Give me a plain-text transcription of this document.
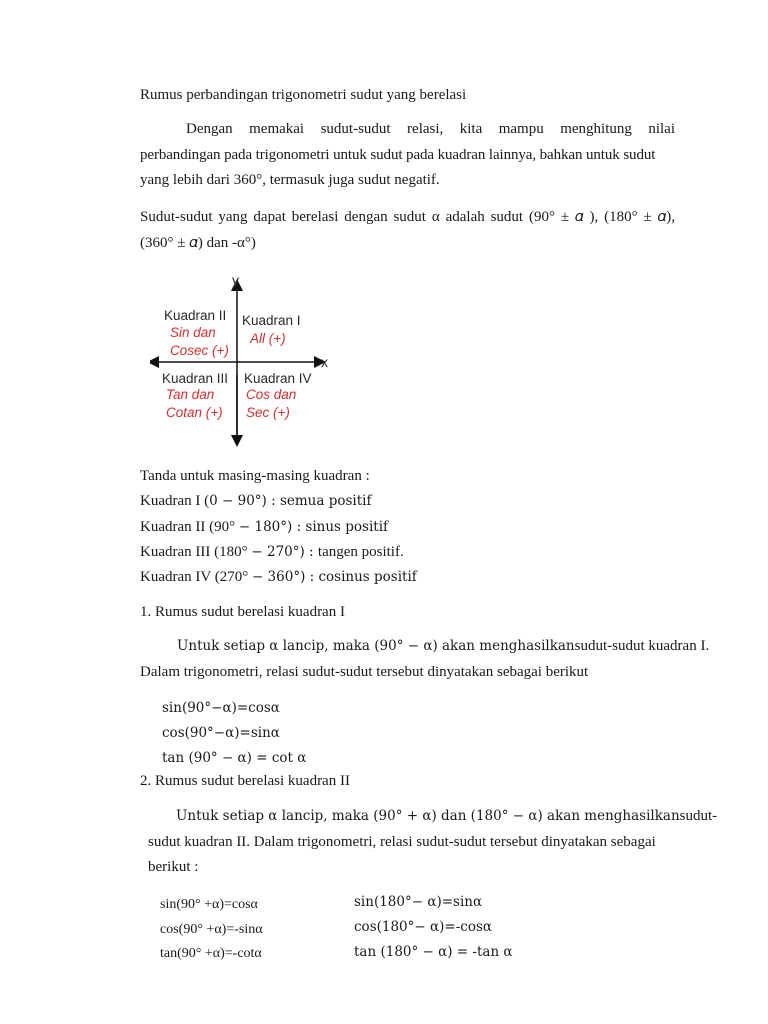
Rumus perbandingan trigonometri sudut yang berelasi
Dengan memakai sudut-sudut relasi, kita mampu menghitung nilai
perbandingan pada trigonometri untuk sudut pada kuadran lainnya, bahkan untuk sudut
yang lebih dari 360°, termasuk juga sudut negatif.
Sudut-sudut yang dapat berelasi dengan sudut α adalah sudut (90° ± 𝛼 ), (180° ± 𝛼),
(360° ± 𝛼) dan -α°)
y
x
Kuadran II
Sin dan
Cosec (+)
Kuadran I
All (+)
Kuadran III
Tan dan
Cotan (+)
Kuadran IV
Cos dan
Sec (+)
Tanda untuk masing-masing kuadran :
Kuadran I (0 − 90°) : semua positif
Kuadran II (90° − 180°) : sinus positif
Kuadran III (180° − 270°) : tangen positif.
Kuadran IV (270° − 360°) : cosinus positif
1. Rumus sudut berelasi kuadran I
Untuk setiap α lancip, maka (90° − α) akan menghasilkan sudut-sudut kuadran I.
Dalam trigonometri, relasi sudut-sudut tersebut dinyatakan sebagai berikut
sin(90°−α)=cosα
cos(90°−α)=sinα
tan (90° − α) = cot α
2. Rumus sudut berelasi kuadran II
Untuk setiap α lancip, maka (90° + α) dan (180° − α) akan menghasilkan sudut-
sudut kuadran II. Dalam trigonometri, relasi sudut-sudut tersebut dinyatakan sebagai
berikut :
sin(90° +α)=cosα
cos(90° +α)=-sinα
tan(90° +α)=-cotα
sin(180°− α)=sinα
cos(180°− α)=-cosα
tan (180° − α) = -tan α
